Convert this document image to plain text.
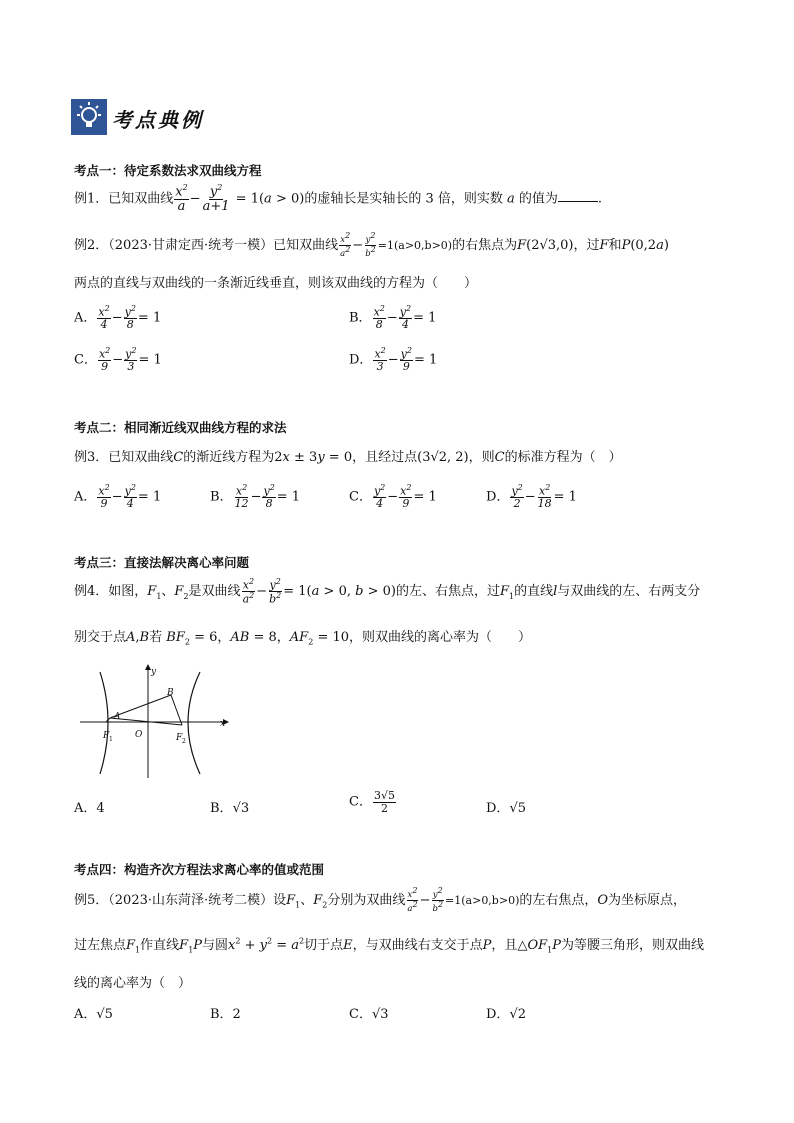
考点典例
考点一：待定系数法求双曲线方程
例1．已知双曲线 $\frac{x^2}{a} - \frac{y^2}{a+1} = 1(a > 0)$的虚轴长是实轴长的 3 倍，则实数 a 的值为	.
例2．（2023·甘肃定西·统考一模）已知双曲线 $\frac{x^2}{a^2} - \frac{y^2}{b^2} =1(a>0,b>0)$的右焦点为F(2√3,0)，过F和P(0,2a)
两点的直线与双曲线的一条渐近线垂直，则该双曲线的方程为（　　）
A． $\frac{x^2}{4} - \frac{y^2}{8} = 1$	B． $\frac{x^2}{8} - \frac{y^2}{4} = 1$
C． $\frac{x^2}{9} - \frac{y^2}{3} = 1$	D． $\frac{x^2}{3} - \frac{y^2}{9} = 1$
考点二：相同渐近线双曲线方程的求法
例3．已知双曲线C的渐近线方程为2x ± 3y = 0，且经过点(3√2, 2)，则C的标准方程为（　）
A． $\frac{x^2}{9} - \frac{y^2}{4} = 1$	B． $\frac{x^2}{12} - \frac{y^2}{8} = 1$	C． $\frac{y^2}{4} - \frac{x^2}{9} = 1$	D． $\frac{y^2}{2} - \frac{x^2}{18} = 1$
考点三：直接法解决离心率问题
例4．如图，$F_1$、$F_2$是双曲线 $\frac{x^2}{a^2} - \frac{y^2}{b^2} = 1(a > 0$, b > 0)的左、右焦点，过$F_1$的直线l与双曲线的左、右两支分
别交于点A,B若 $BF_2 = 6$，AB = 8，$AF_2 = 10$，则双曲线的离心率为（　　）
y
x
A
B
O
F 1	F 2
A．4	B．√3	C． $\frac{3√5}{2}$	D．√5
考点四：构造齐次方程法求离心率的值或范围
例5．（2023·山东菏泽·统考二模）设$F_1$、$F_2$分别为双曲线 $\frac{x^2}{a^2} - \frac{y^2}{b^2} =1(a>0,b>0)$的左右焦点，O为坐标原点，
过左焦点$F_1$作直线$F_1P$与圆$x^2 + y^2 = a^2$切于点E，与双曲线右支交于点P，且$\triangle OF_1P$为等腰三角形，则双曲线
线的离心率为（　）
A．√5	B．2	C．√3	D．√2
